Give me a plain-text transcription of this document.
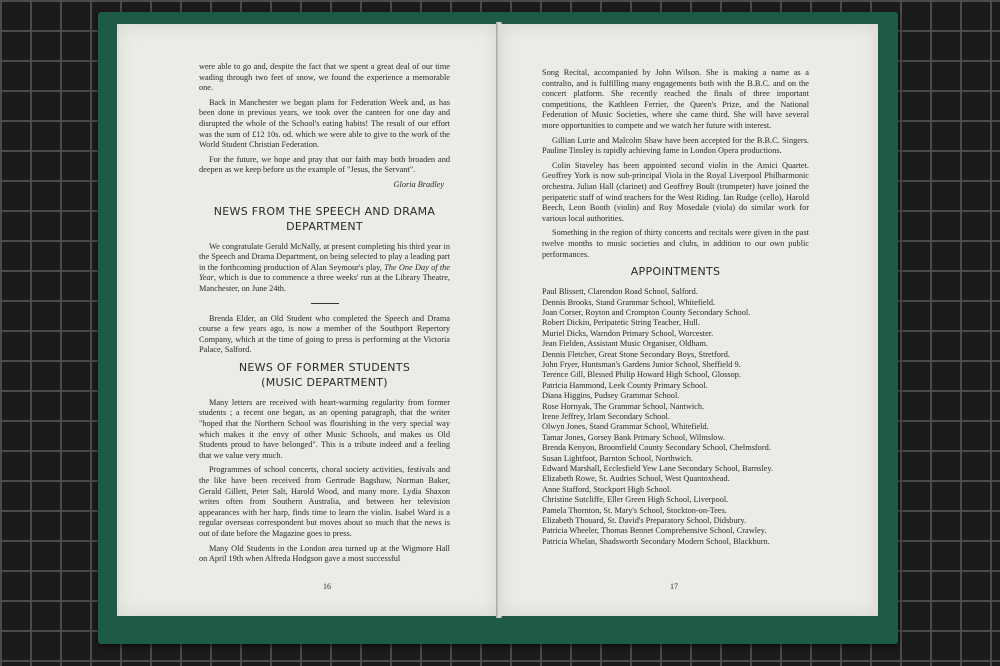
were able to go and, despite the fact that we spent a great deal of our time wading through two feet of snow, we found the experience a memorable one.

Back in Manchester we began plans for Federation Week and, as has been done in previous years, we took over the canteen for one day and disrupted the whole of the School's eating habits! The result of our effort was the sum of £12 10s. od. which we were able to give to the work of the World Student Christian Federation.

For the future, we hope and pray that our faith may both broaden and deepen as we keep before us the example of "Jesus, the Servant".

Gloria Bradley
NEWS FROM THE SPEECH AND DRAMA
DEPARTMENT

We congratulate Gerald McNally, at present completing his third year in the Speech and Drama Department, on being selected to play a leading part in the forthcoming production of Alan Seymour's play, The One Day of the Year, which is due to commence a three weeks' run at the Library Theatre, Manchester, on June 24th.

Brenda Elder, an Old Student who completed the Speech and Drama course a few years ago, is now a member of the Southport Repertory Company, which at the time of going to press is performing at the Victoria Palace, Salford.

NEWS OF FORMER STUDENTS
(MUSIC DEPARTMENT)

Many letters are received with heart-warming regularity from former students ; a recent one began, as an opening paragraph, that the writer "hoped that the Northern School was flourishing in the very special way which makes it the envy of other Music Schools, and makes us Old Students proud to have belonged". This is a tribute indeed and a feeling that we value very much.

Programmes of school concerts, choral society activities, festivals and the like have been received from Gertrude Bagshaw, Norman Baker, Gerald Gillett, Peter Salt, Harold Wood, and many more. Lydia Shaxon writes often from Southern Australia, and between her television appearances with her harp, finds time to learn the violin. Isabel Ward is a regular overseas correspondent but moves about so much that the news is out of date before the Magazine goes to press.

Many Old Students in the London area turned up at the Wigmore Hall on April 19th when Alfreda Hodgson gave a most successful

16

Song Recital, accompanied by John Wilson. She is making a name as a contralto, and is fulfilling many engagements both with the B.B.C. and on the concert platform. She recently reached the finals of three important competitions, the Kathleen Ferrier, the Queen's Prize, and the National Federation of Music Societies, where she came third. She will have several more opportunities to compete and we watch her future with interest.

Gillian Lurie and Malcolm Shaw have been accepted for the B.B.C. Singers. Pauline Tinsley is rapidly achieving fame in London Opera productions.

Colin Staveley has been appointed second violin in the Amici Quartet. Geoffrey York is now sub-principal Viola in the Royal Liverpool Philharmonic orchestra. Julian Hall (clarinet) and Geoffrey Boult (trumpeter) have joined the peripatetic staff of wind teachers for the West Riding. Ian Rudge (cello), Harold Beech, Leon Booth (violin) and Roy Mosedale (viola) do similar work for various local authorities.

Something in the region of thirty concerts and recitals were given in the past twelve months to music societies and clubs, in addition to our own public performances.

APPOINTMENTS
Paul Blissett, Clarendon Road School, Salford.
Dennis Brooks, Stand Grammar School, Whitefield.
Joan Corser, Royton and Crompton County Secondary School.
Robert Dickin, Peripatetic String Teacher, Hull.
Muriel Dicks, Warndon Primary School, Worcester.
Jean Fielden, Assistant Music Organiser, Oldham.
Dennis Fletcher, Great Stone Secondary Boys, Stretford.
John Fryer, Huntsman's Gardens Junior School, Sheffield 9.
Terence Gill, Blessed Philip Howard High School, Glossop.
Patricia Hammond, Leek County Primary School.
Diana Higgins, Pudsey Grammar School.
Rose Hornyak, The Grammar School, Nantwich.
Irene Jeffrey, Irlam Secondary School.
Olwyn Jones, Stand Grammar School, Whitefield.
Tamar Jones, Gorsey Bank Primary School, Wilmslow.
Brenda Kenyon, Broomfield County Secondary School, Chelmsford.
Susan Lightfoot, Barnton School, Northwich.
Edward Marshall, Ecclesfield Yew Lane Secondary School, Barnsley.
Elizabeth Rowe, St. Audries School, West Quantoxhead.
Anne Stafford, Stockport High School.
Christine Sutcliffe, Eller Green High School, Liverpool.
Pamela Thornton, St. Mary's School, Stockton-on-Tees.
Elizabeth Thouard, St. David's Preparatory School, Didsbury.
Patricia Wheeler, Thomas Bennet Comprehensive School, Crawley.
Patricia Whelan, Shadsworth Secondary Modern School, Blackburn.
17
